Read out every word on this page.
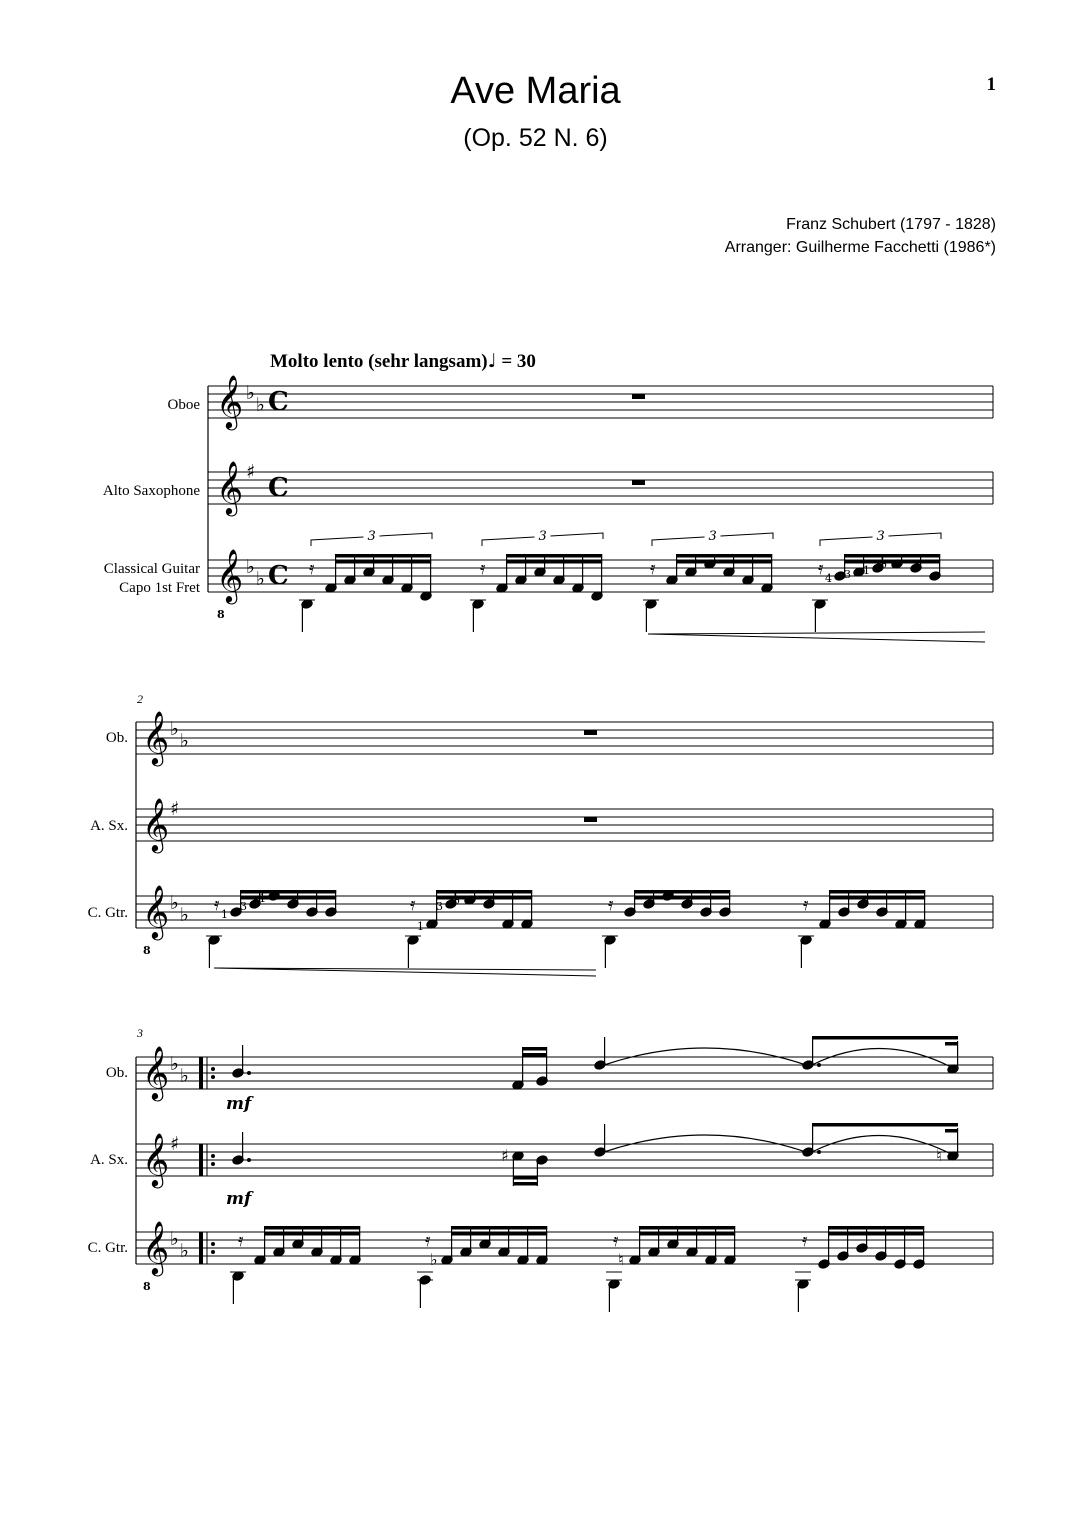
Ave Maria
(Op. 52 N. 6)
1
Franz Schubert (1797 - 1828)
Arranger: Guilherme Facchetti (1986*)
Molto lento (sehr langsam)♩ = 30
Oboe
Alto Saxophone
Classical Guitar
Capo 1st Fret
2
Ob.
A. Sx.
C. Gtr.
3
Ob.
A. Sx.
C. Gtr.
𝄞
𝄞
𝄞
8
♭
♭
♯
♭
♭
C
C
C 𝄿
3
𝄿
3
𝄿
3
𝄿	♭
4 3 1
3
𝄞
𝄞
𝄞
8
♭
♭
♯
♭
♭ 𝄿 1
3
1	𝄿 ♭
1
3	𝄿	𝄿
𝄞
𝄞
𝄞
8
♭
♭
♯
♭
♭
mf
♯	♮
mf
𝄿	𝄿
♭
𝄿
♮
𝄿
